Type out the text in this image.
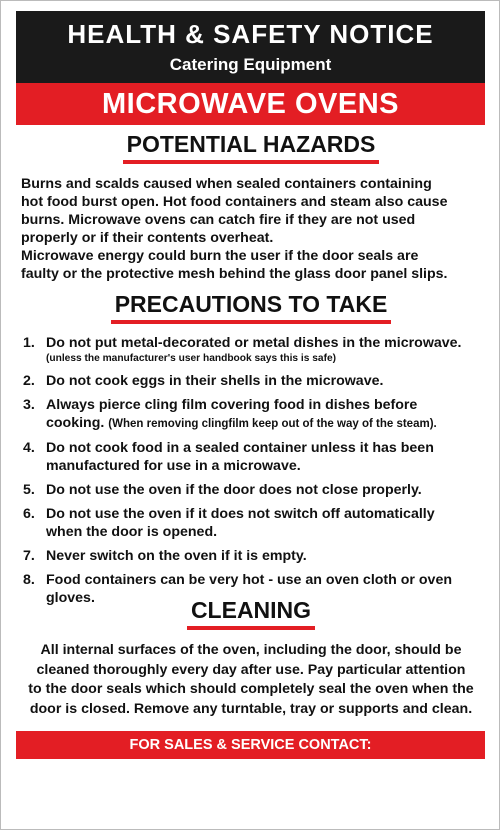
HEALTH & SAFETY NOTICE
Catering Equipment
MICROWAVE OVENS
POTENTIAL HAZARDS
Burns and scalds caused when sealed containers containing
hot food burst open. Hot food containers and steam also cause
burns. Microwave ovens can catch fire if they are not used
properly or if their contents overheat.
Microwave energy could burn the user if the door seals are
faulty or the protective mesh behind the glass door panel slips.
PRECAUTIONS TO TAKE
1. Do not put metal-decorated or metal dishes in the microwave.
(unless the manufacturer's user handbook says this is safe)
2. Do not cook eggs in their shells in the microwave.
3. Always pierce cling film covering food in dishes before
cooking. (When removing clingfilm keep out of the way of the steam).
4. Do not cook food in a sealed container unless it has been
manufactured for use in a microwave.
5. Do not use the oven if the door does not close properly.
6. Do not use the oven if it does not switch off automatically
when the door is opened.
7. Never switch on the oven if it is empty.
8. Food containers can be very hot - use an oven cloth or oven
gloves.	CLEANING
All internal surfaces of the oven, including the door, should be
cleaned thoroughly every day after use. Pay particular attention
to the door seals which should completely seal the oven when the
door is closed. Remove any turntable, tray or supports and clean.
FOR SALES & SERVICE CONTACT:
